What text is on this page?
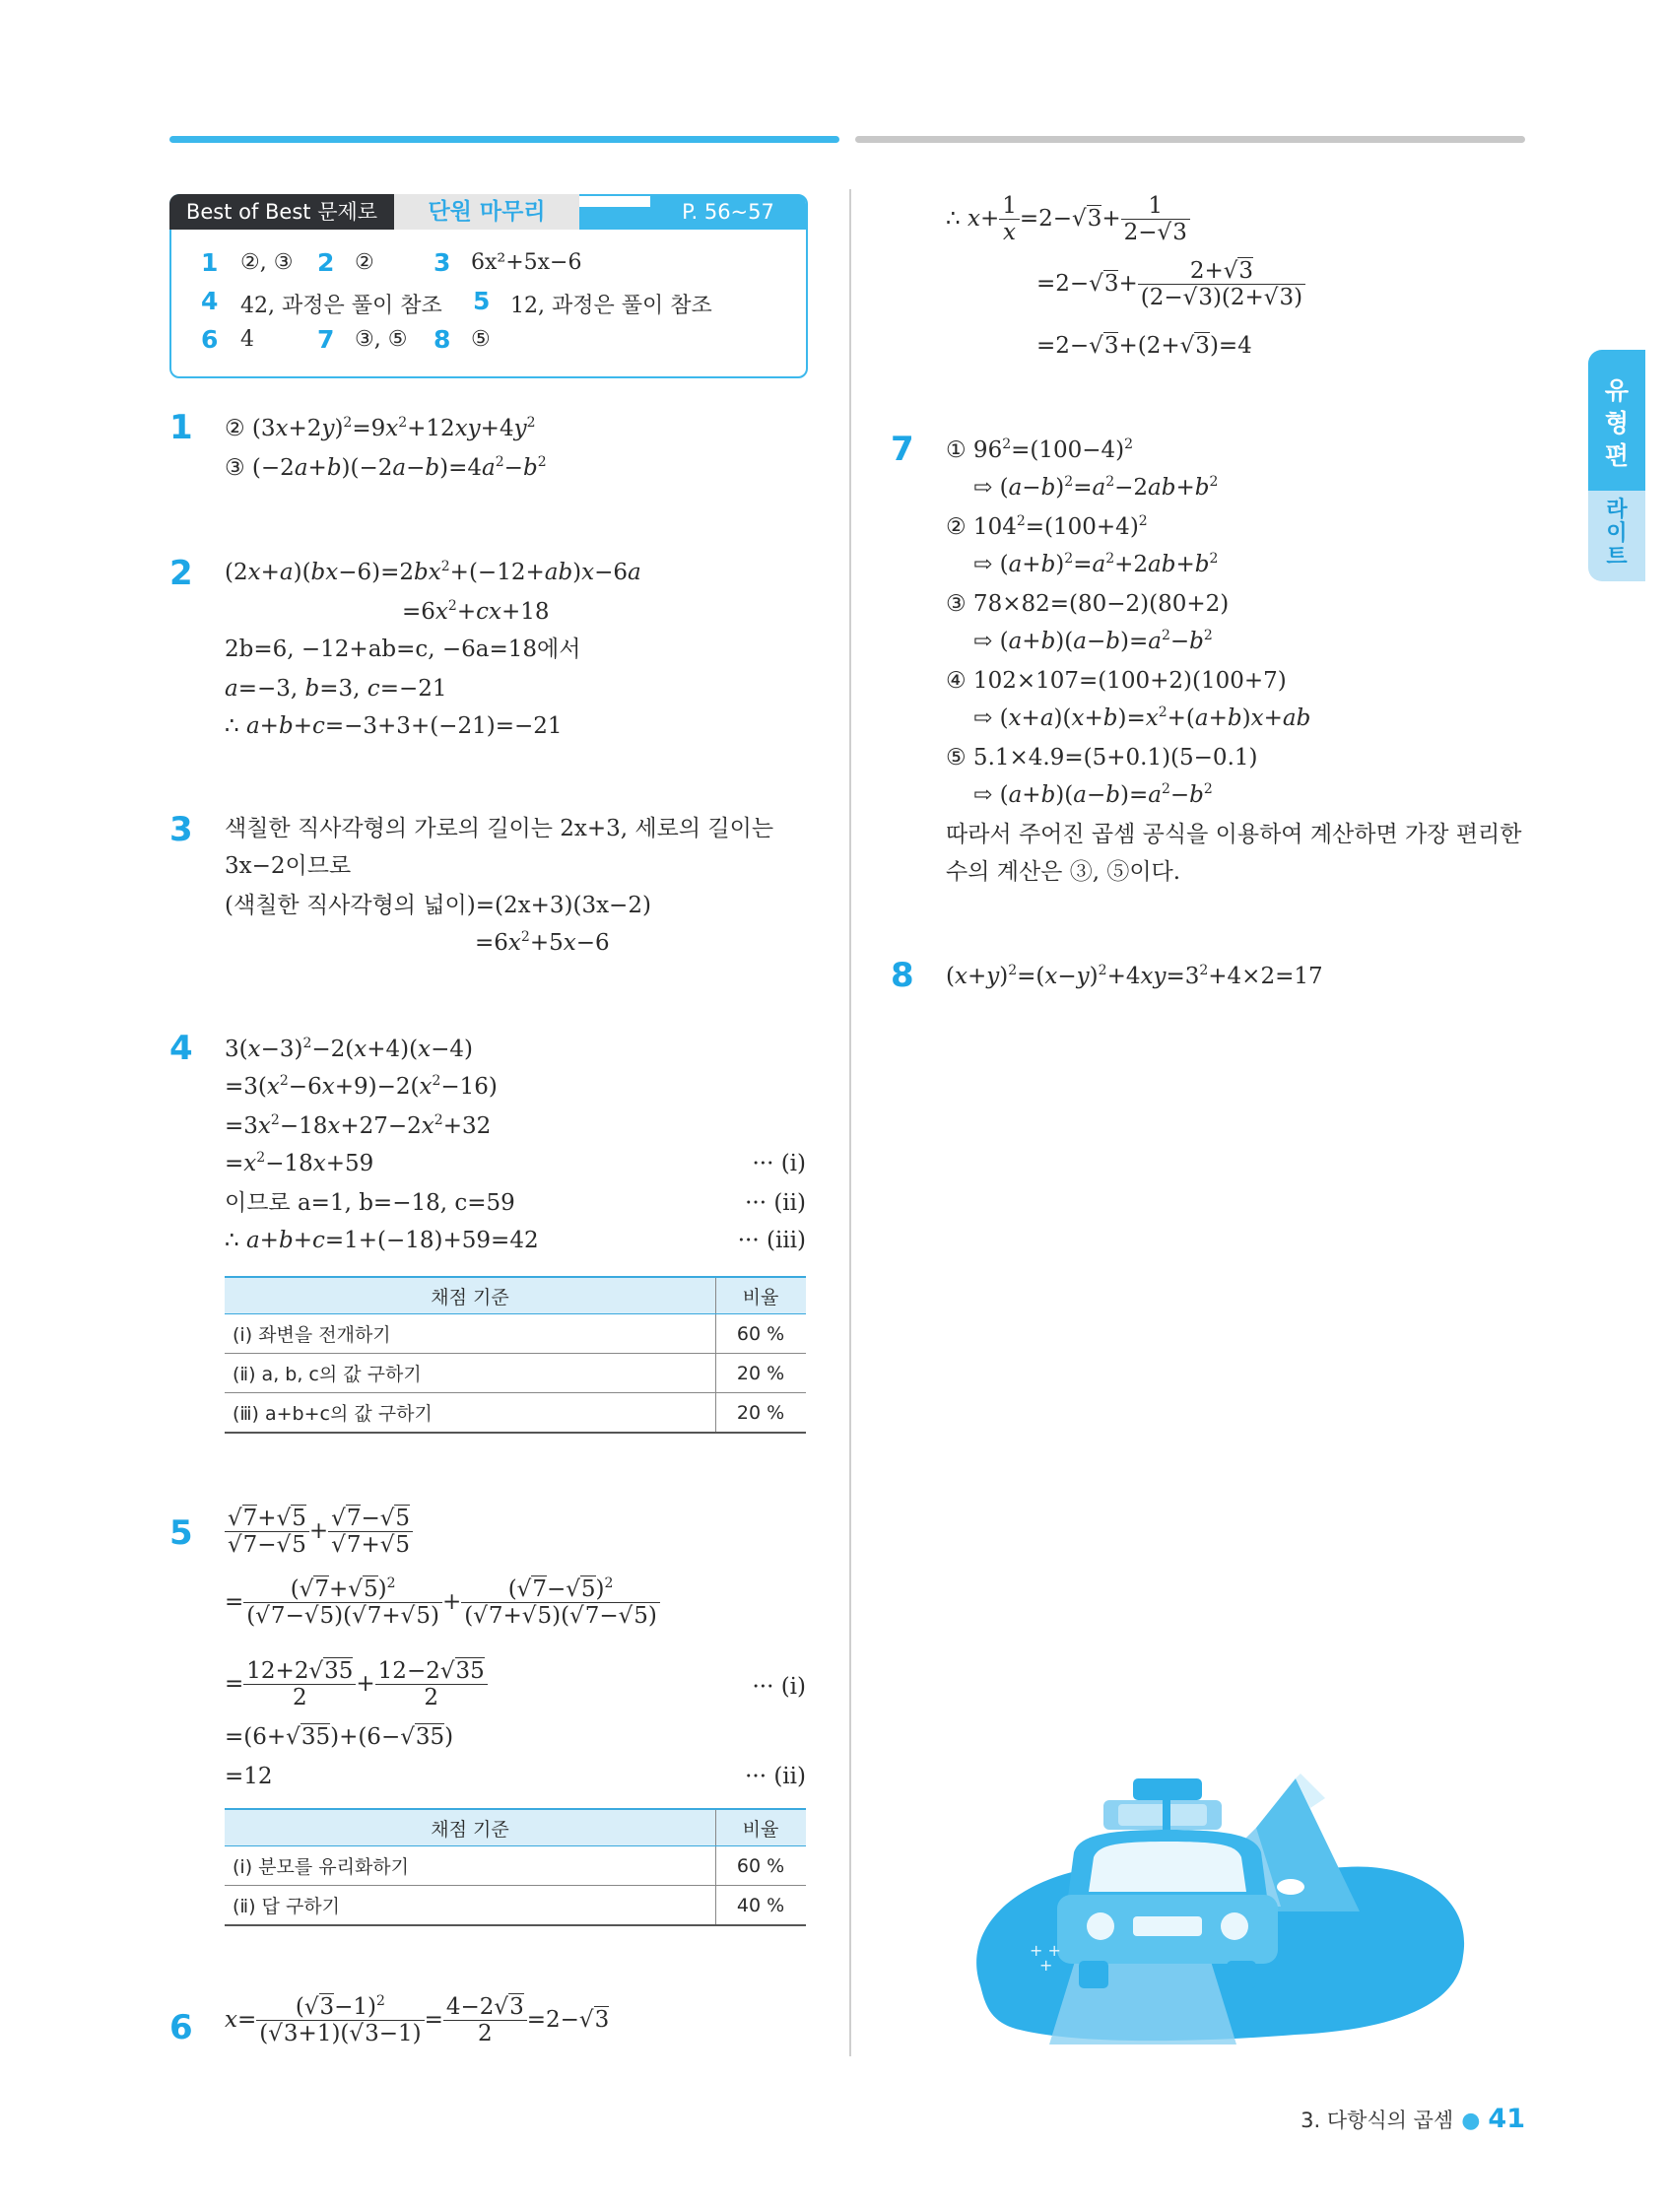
Best of Best 문제로	단원 마무리	P. 56~57
1 ②, ③ 2 ② 3 6x²+5x−6
4 42, 과정은 풀이 참조 5 12, 과정은 풀이 참조
6 4	7 ③, ⑤ 8 ⑤
1 ② $(3x+2y)^2=9x^2+12xy+4y^2$
③ $(-2a+b)(-2a-b)=4a^2-b^2$
2 $(2x+a)(bx-6)=2bx^2+(-12+ab)x-6a$
$=6x^2+cx+18$
2b=6, −12+ab=c, −6a=18에서
a=−3, b=3, c=−21
∴ a+b+c=−3+3+(−21)=−21
3 색칠한 직사각형의 가로의 길이는 2x+3, 세로의 길이는
3x−2이므로
(색칠한 직사각형의 넓이)=(2x+3)(3x−2)
$=6x^2+5x-6$
4 $3(x-3)^2-2(x+4)(x-4)$
$=3(x^2-6x+9)-2(x^2-16)$
$=3x^2-18x+27-2x^2+32$
$=x^2-18x+59$	··· (ⅰ)
이므로 a=1, b=−18, c=59	··· (ⅱ)
∴ a+b+c=1+(−18)+59=42	··· (ⅲ)
채점 기준	비율
(ⅰ) 좌변을 전개하기	60 %
(ⅱ) a, b, c의 값 구하기	20 %
(ⅲ) a+b+c의 값 구하기	20 %
$5 \frac{√7+√5}{√7-√5} + \frac{√7-√5}{√7+√5}$
= $\frac{(√7+√5)^2}{(√7-√5)(√7+√5)} + \frac{(√7-√5)^2}{(√7+√5)(√7-√5)}$
= $\frac{12+2√35}{2} + \frac{12-2√35}{2}$	··· (ⅰ)
=(6+√35)+(6−√35)
=12	··· (ⅱ)
채점 기준	비율
(ⅰ) 분모를 유리화하기	60 %
(ⅱ) 답 구하기	40 %
6 $x= \frac{(√3-1)^2}{(√3+1)(√3-1)} = \frac{4-2√3}{2} =2-√3$
∴ $x+ \frac{1}{x} =2-√3+ \frac{1}{2-√3}$
$=2-√3+ \frac{2+√3}{(2-√3)(2+√3)}$
=2−√3+(2+√3)=4
7 ① $96^2=(100-4)^2$
⇨ $(a-b)^2=a^2-2ab+b^2$
② $104^2=(100+4)^2$
⇨ $(a+b)^2=a^2+2ab+b^2$
③ 78×82=(80−2)(80+2)
⇨ $(a+b)(a-b)=a^2-b^2$
④ 102×107=(100+2)(100+7)
⇨ $(x+a)(x+b)=x^2+(a+b)x+ab$
⑤ 5.1×4.9=(5+0.1)(5−0.1)
⇨ $(a+b)(a-b)=a^2-b^2$
따라서 주어진 곱셈 공식을 이용하여 계산하면 가장 편리한
수의 계산은 ③, ⑤이다.
8 $(x+y)^2=(x-y)^2+4xy=3^2+4\times 2=17$
유형편
라이트
+ +
+
3. 다항식의 곱셈 ● 41
